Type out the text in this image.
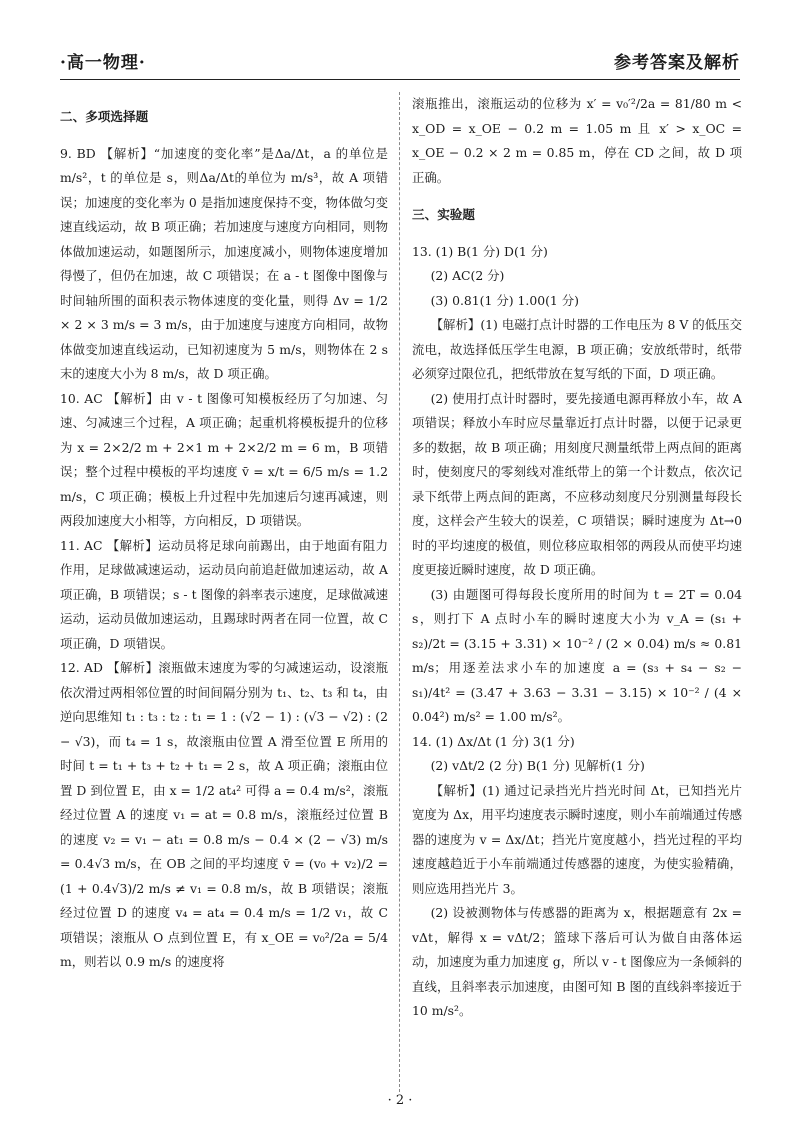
·高一物理·	参考答案及解析

二、多项选择题

9. BD 【解析】“加速度的变化率”是Δa/Δt，a 的单位是 m/s²，t 的单位是 s，则Δa/Δt的单位为 m/s³，故 A 项错误；加速度的变化率为 0 是指加速度保持不变，物体做匀变速直线运动，故 B 项正确；若加速度与速度方向相同，则物体做加速运动，如题图所示，加速度减小，则物体速度增加得慢了，但仍在加速，故 C 项错误；在 a - t 图像中图像与时间轴所围的面积表示物体速度的变化量，则得 Δv = 1/2 × 2 × 3 m/s = 3 m/s，由于加速度与速度方向相同，故物体做变加速直线运动，已知初速度为 5 m/s，则物体在 2 s 末的速度大小为 8 m/s，故 D 项正确。

10. AC 【解析】由 v - t 图像可知模板经历了匀加速、匀速、匀减速三个过程，A 项正确；起重机将模板提升的位移为 x = 2×2/2 m + 2×1 m + 2×2/2 m = 6 m，B 项错误；整个过程中模板的平均速度 v̄ = x/t = 6/5 m/s = 1.2 m/s，C 项正确；模板上升过程中先加速后匀速再减速，则两段加速度大小相等，方向相反，D 项错误。

11. AC 【解析】运动员将足球向前踢出，由于地面有阻力作用，足球做减速运动，运动员向前追赶做加速运动，故 A 项正确，B 项错误；s - t 图像的斜率表示速度，足球做减速运动，运动员做加速运动，且踢球时两者在同一位置，故 C 项正确，D 项错误。

12. AD 【解析】滚瓶做末速度为零的匀减速运动，设滚瓶依次滑过两相邻位置的时间间隔分别为 t₁、t₂、t₃ 和 t₄，由逆向思维知 t₁ : t₃ : t₂ : t₁ = 1 : (√2 − 1) : (√3 − √2) : (2 − √3)，而 t₄ = 1 s，故滚瓶由位置 A 滑至位置 E 所用的时间 t = t₁ + t₃ + t₂ + t₁ = 2 s，故 A 项正确；滚瓶由位置 D 到位置 E，由 x = 1/2 at₄² 可得 a = 0.4 m/s²，滚瓶经过位置 A 的速度 v₁ = at = 0.8 m/s，滚瓶经过位置 B 的速度 v₂ = v₁ − at₁ = 0.8 m/s − 0.4 × (2 − √3) m/s = 0.4√3 m/s，在 OB 之间的平均速度 v̄ = (v₀ + v₂)/2 = (1 + 0.4√3)/2 m/s ≠ v₁ = 0.8 m/s，故 B 项错误；滚瓶经过位置 D 的速度 v₄ = at₄ = 0.4 m/s = 1/2 v₁，故 C 项错误；滚瓶从 O 点到位置 E，有 x_OE = v₀²/2a = 5/4 m，则若以 0.9 m/s 的速度将

滚瓶推出，滚瓶运动的位移为 x′ = v₀′²/2a = 81/80 m < x_OD = x_OE − 0.2 m = 1.05 m 且 x′ > x_OC = x_OE − 0.2 × 2 m = 0.85 m，停在 CD 之间，故 D 项正确。

三、实验题

13. (1) B(1 分) D(1 分)

(2) AC(2 分)

(3) 0.81(1 分) 1.00(1 分)

【解析】(1) 电磁打点计时器的工作电压为 8 V 的低压交流电，故选择低压学生电源，B 项正确；安放纸带时，纸带必须穿过限位孔，把纸带放在复写纸的下面，D 项正确。

(2) 使用打点计时器时，要先接通电源再释放小车，故 A 项错误；释放小车时应尽量靠近打点计时器，以便于记录更多的数据，故 B 项正确；用刻度尺测量纸带上两点间的距离时，使刻度尺的零刻线对准纸带上的第一个计数点，依次记录下纸带上两点间的距离，不应移动刻度尺分别测量每段长度，这样会产生较大的误差，C 项错误；瞬时速度为 Δt→0 时的平均速度的极值，则位移应取相邻的两段从而使平均速度更接近瞬时速度，故 D 项正确。

(3) 由题图可得每段长度所用的时间为 t = 2T = 0.04 s，则打下 A 点时小车的瞬时速度大小为 v_A = (s₁ + s₂)/2t = (3.15 + 3.31) × 10⁻² / (2 × 0.04) m/s ≈ 0.81 m/s；用逐差法求小车的加速度 a = (s₃ + s₄ − s₂ − s₁)/4t² = (3.47 + 3.63 − 3.31 − 3.15) × 10⁻² / (4 × 0.04²) m/s² = 1.00 m/s²。

14. (1) Δx/Δt (1 分) 3(1 分)

(2) vΔt/2 (2 分) B(1 分) 见解析(1 分)

【解析】(1) 通过记录挡光片挡光时间 Δt，已知挡光片宽度为 Δx，用平均速度表示瞬时速度，则小车前端通过传感器的速度为 v = Δx/Δt；挡光片宽度越小，挡光过程的平均速度越趋近于小车前端通过传感器的速度，为使实验精确，则应选用挡光片 3。

(2) 设被测物体与传感器的距离为 x，根据题意有 2x = vΔt，解得 x = vΔt/2；篮球下落后可认为做自由落体运动，加速度为重力加速度 g，所以 v - t 图像应为一条倾斜的直线，且斜率表示加速度，由图可知 B 图的直线斜率接近于 10 m/s²。

· 2 ·
